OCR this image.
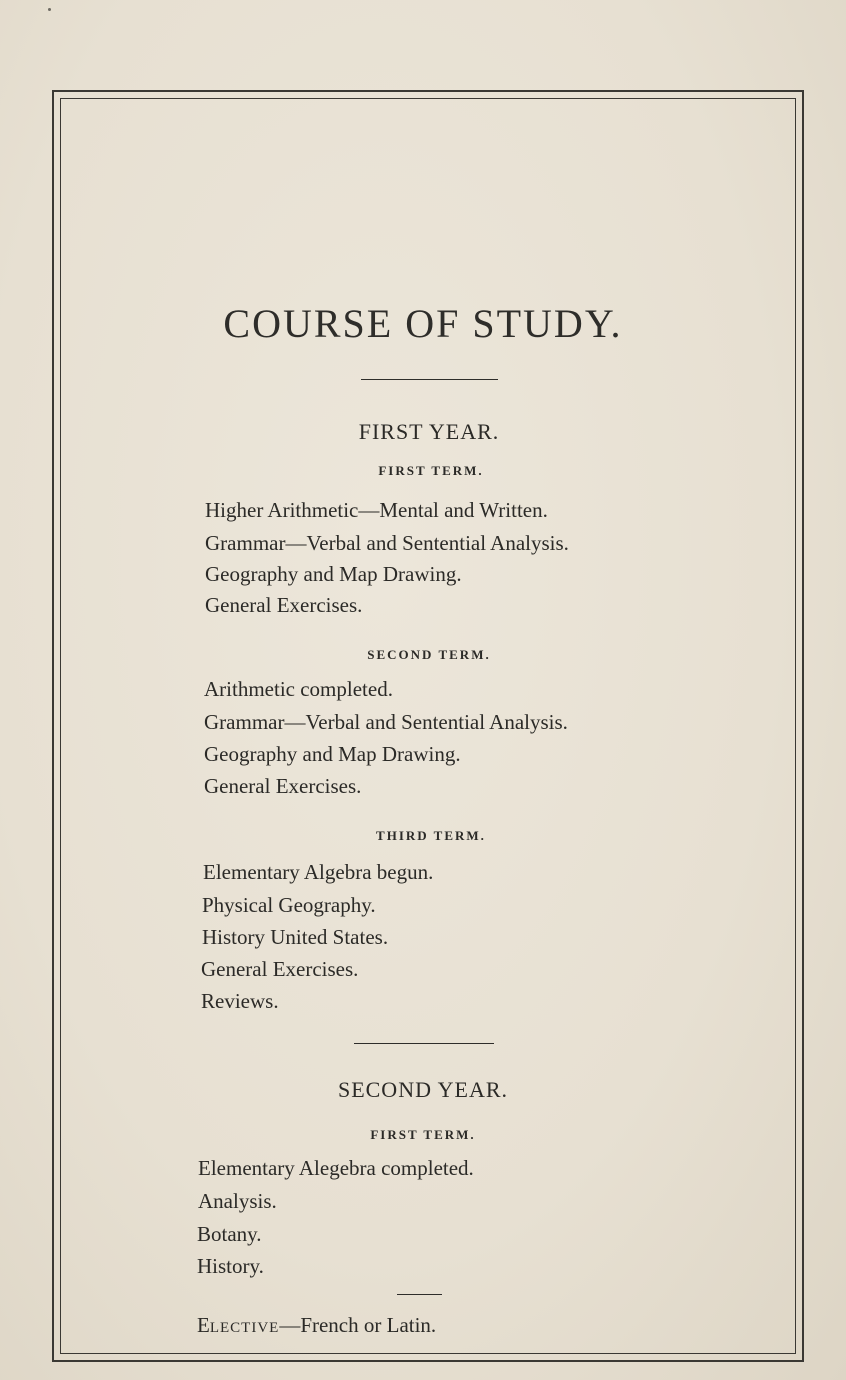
COURSE OF STUDY.
FIRST YEAR.
FIRST TERM.
Higher Arithmetic—Mental and Written.
Grammar—Verbal and Sentential Analysis.
Geography and Map Drawing.
General Exercises.
SECOND TERM.
Arithmetic completed.
Grammar—Verbal and Sentential Analysis.
Geography and Map Drawing.
General Exercises.
THIRD TERM.
Elementary Algebra begun.
Physical Geography.
History United States.
General Exercises.
Reviews.
SECOND YEAR.
FIRST TERM.
Elementary Alegebra completed.
Analysis.
Botany.
History.
ELECTIVE—French or Latin.
